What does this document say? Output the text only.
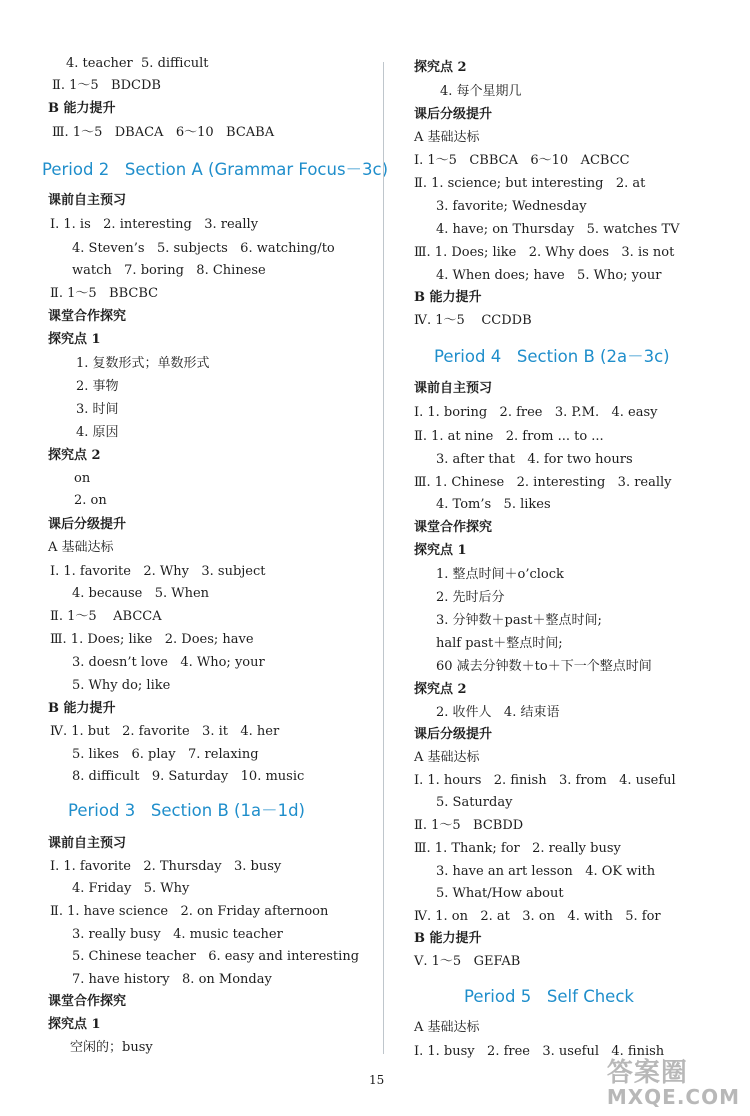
4. teacher  5. difficult
Ⅱ. 1～5   BDCDB
B 能力提升
Ⅲ. 1～5   DBACA   6～10   BCABA
Period 2   Section A (Grammar Focus－3c)
课前自主预习
Ⅰ. 1. is   2. interesting   3. really
4. Steven’s   5. subjects   6. watching/to
watch   7. boring   8. Chinese
Ⅱ. 1～5   BBCBC
课堂合作探究
探究点 1
1. 复数形式；单数形式
2. 事物
3. 时间
4. 原因
探究点 2
on
2. on
课后分级提升
A 基础达标
Ⅰ. 1. favorite   2. Why   3. subject
4. because   5. When
Ⅱ. 1～5    ABCCA
Ⅲ. 1. Does; like   2. Does; have
3. doesn’t love   4. Who; your
5. Why do; like
B 能力提升
Ⅳ. 1. but   2. favorite   3. it   4. her
5. likes   6. play   7. relaxing
8. difficult   9. Saturday   10. music
Period 3   Section B (1a－1d)
课前自主预习
Ⅰ. 1. favorite   2. Thursday   3. busy
4. Friday   5. Why
Ⅱ. 1. have science   2. on Friday afternoon
3. really busy   4. music teacher
5. Chinese teacher   6. easy and interesting
7. have history   8. on Monday
课堂合作探究
探究点 1
空闲的；busy
探究点 2
4. 每个星期几
课后分级提升
A 基础达标
Ⅰ. 1～5   CBBCA   6～10   ACBCC
Ⅱ. 1. science; but interesting   2. at
3. favorite; Wednesday
4. have; on Thursday   5. watches TV
Ⅲ. 1. Does; like   2. Why does   3. is not
4. When does; have   5. Who; your
B 能力提升
Ⅳ. 1～5    CCDDB
Period 4   Section B (2a－3c)
课前自主预习
Ⅰ. 1. boring   2. free   3. P.M.   4. easy
Ⅱ. 1. at nine   2. from ... to ...
3. after that   4. for two hours
Ⅲ. 1. Chinese   2. interesting   3. really
4. Tom’s   5. likes
课堂合作探究
探究点 1
1. 整点时间＋o’clock
2. 先时后分
3. 分钟数＋past＋整点时间;
half past＋整点时间;
60 减去分钟数＋to＋下一个整点时间
探究点 2
2. 收件人   4. 结束语
课后分级提升
A 基础达标
Ⅰ. 1. hours   2. finish   3. from   4. useful
5. Saturday
Ⅱ. 1～5   BCBDD
Ⅲ. 1. Thank; for   2. really busy
3. have an art lesson   4. OK with
5. What/How about
Ⅳ. 1. on   2. at   3. on   4. with   5. for
B 能力提升
Ⅴ. 1～5   GEFAB
Period 5   Self Check
A 基础达标
Ⅰ. 1. busy   2. free   3. useful   4. finish
15	答案圈
MXQE.COM
